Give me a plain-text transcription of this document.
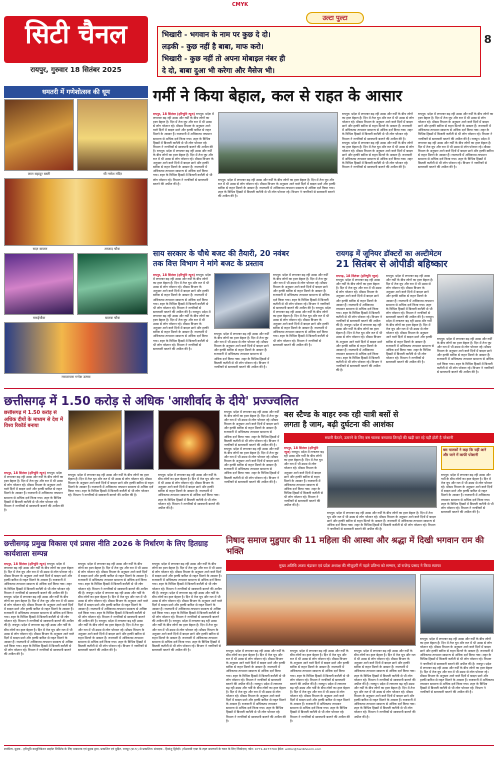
CMYK
सिटी चैनल
रायपुर, गुरुवार 18 सितंबर 2025
उल्टा पुल्टा
भिखारी - भगवान के नाम पर कुछ दे दो।
लड़की - कुछ नहीं है बाबा, माफ करो।
भिखारी - कुछ नहीं तो अपना मोबाइल नंबर ही
दे दो, बाबा दुआ भी करेगा और मैसेज भी।
8
धमतरी में गणेशोत्सव की धूम
लाल बहादुर बस्ती	श्री गणेश मंदिर
सदर बाजार	आजाद चौक
मकईचौक	बालक चौक
मराठापारा गणेश उत्सव
गर्मी ने किया बेहाल, कल से राहत के आसार
रायपुर, 18 सितंबर (हरिभूमि न्यूज) रायपुर। प्रदेश में लगातार बढ़ रही उमस और गर्मी के बीच लोगों का हाल बेहाल है। दिन में तेज धूप और रात में भी उमस से लोग परेशान रहे। मौसम विभाग के अनुसार आने वाले दिनों में बादल छाने और हल्की बारिश से राहत मिलने के आसार हैं। राजधानी में अधिकतम तापमान सामान्य से अधिक दर्ज किया गया। शहर के विभिन्न हिस्सों में बिजली कटौती से भी लोग परेशान रहे। विभाग ने नागरिकों से सावधानी बरतने की अपील की है। रायपुर। प्रदेश में लगातार बढ़ रही उमस और गर्मी के बीच लोगों का हाल बेहाल है। दिन में तेज धूप और रात में भी उमस से लोग परेशान रहे। मौसम विभाग के अनुसार आने वाले दिनों में बादल छाने और हल्की बारिश से राहत मिलने के आसार हैं। राजधानी में अधिकतम तापमान सामान्य से अधिक दर्ज किया गया। शहर के विभिन्न हिस्सों में बिजली कटौती से भी लोग परेशान रहे। विभाग ने नागरिकों से सावधानी बरतने की अपील की है।
रायपुर। प्रदेश में लगातार बढ़ रही उमस और गर्मी के बीच लोगों का हाल बेहाल है। दिन में तेज धूप और रात में भी उमस से लोग परेशान रहे। मौसम विभाग के अनुसार आने वाले दिनों में बादल छाने और हल्की बारिश से राहत मिलने के आसार हैं। राजधानी में अधिकतम तापमान सामान्य से अधिक दर्ज किया गया। शहर के विभिन्न हिस्सों में बिजली कटौती से भी लोग परेशान रहे। विभाग ने नागरिकों से सावधानी बरतने की अपील की है।
रायपुर। प्रदेश में लगातार बढ़ रही उमस और गर्मी के बीच लोगों का हाल बेहाल है। दिन में तेज धूप और रात में भी उमस से लोग परेशान रहे। मौसम विभाग के अनुसार आने वाले दिनों में बादल छाने और हल्की बारिश से राहत मिलने के आसार हैं। राजधानी में अधिकतम तापमान सामान्य से अधिक दर्ज किया गया। शहर के विभिन्न हिस्सों में बिजली कटौती से भी लोग परेशान रहे। विभाग ने नागरिकों से सावधानी बरतने की अपील की है। रायपुर। प्रदेश में लगातार बढ़ रही उमस और गर्मी के बीच लोगों का हाल बेहाल है। दिन में तेज धूप और रात में भी उमस से लोग परेशान रहे। मौसम विभाग के अनुसार आने वाले दिनों में बादल छाने और हल्की बारिश से राहत मिलने के आसार हैं। राजधानी में अधिकतम तापमान सामान्य से अधिक दर्ज किया गया। शहर के विभिन्न हिस्सों में बिजली कटौती से भी लोग परेशान रहे। विभाग ने नागरिकों से सावधानी बरतने की अपील की है।
रायपुर। प्रदेश में लगातार बढ़ रही उमस और गर्मी के बीच लोगों का हाल बेहाल है। दिन में तेज धूप और रात में भी उमस से लोग परेशान रहे। मौसम विभाग के अनुसार आने वाले दिनों में बादल छाने और हल्की बारिश से राहत मिलने के आसार हैं। राजधानी में अधिकतम तापमान सामान्य से अधिक दर्ज किया गया। शहर के विभिन्न हिस्सों में बिजली कटौती से भी लोग परेशान रहे। विभाग ने नागरिकों से सावधानी बरतने की अपील की है। रायपुर। प्रदेश में लगातार बढ़ रही उमस और गर्मी के बीच लोगों का हाल बेहाल है। दिन में तेज धूप और रात में भी उमस से लोग परेशान रहे। मौसम विभाग के अनुसार आने वाले दिनों में बादल छाने और हल्की बारिश से राहत मिलने के आसार हैं। राजधानी में अधिकतम तापमान सामान्य से अधिक दर्ज किया गया। शहर के विभिन्न हिस्सों में बिजली कटौती से भी लोग परेशान रहे। विभाग ने नागरिकों से सावधानी बरतने की अपील की है।
साय सरकार के चौथे बजट की तैयारी, 20 नवंबर
तक वित्त विभाग ने मांगे बजट के प्रस्ताव
रायपुर, 18 सितंबर (हरिभूमि न्यूज) रायपुर। प्रदेश में लगातार बढ़ रही उमस और गर्मी के बीच लोगों का हाल बेहाल है। दिन में तेज धूप और रात में भी उमस से लोग परेशान रहे। मौसम विभाग के अनुसार आने वाले दिनों में बादल छाने और हल्की बारिश से राहत मिलने के आसार हैं। राजधानी में अधिकतम तापमान सामान्य से अधिक दर्ज किया गया। शहर के विभिन्न हिस्सों में बिजली कटौती से भी लोग परेशान रहे। विभाग ने नागरिकों से सावधानी बरतने की अपील की है। रायपुर। प्रदेश में लगातार बढ़ रही उमस और गर्मी के बीच लोगों का हाल बेहाल है। दिन में तेज धूप और रात में भी उमस से लोग परेशान रहे। मौसम विभाग के अनुसार आने वाले दिनों में बादल छाने और हल्की बारिश से राहत मिलने के आसार हैं। राजधानी में अधिकतम तापमान सामान्य से अधिक दर्ज किया गया। शहर के विभिन्न हिस्सों में बिजली कटौती से भी लोग परेशान रहे। विभाग ने नागरिकों से सावधानी बरतने की अपील की है।
रायपुर। प्रदेश में लगातार बढ़ रही उमस और गर्मी के बीच लोगों का हाल बेहाल है। दिन में तेज धूप और रात में भी उमस से लोग परेशान रहे। मौसम विभाग के अनुसार आने वाले दिनों में बादल छाने और हल्की बारिश से राहत मिलने के आसार हैं। राजधानी में अधिकतम तापमान सामान्य से अधिक दर्ज किया गया। शहर के विभिन्न हिस्सों में बिजली कटौती से भी लोग परेशान रहे। विभाग ने नागरिकों से सावधानी बरतने की अपील की है।
रायपुर। प्रदेश में लगातार बढ़ रही उमस और गर्मी के बीच लोगों का हाल बेहाल है। दिन में तेज धूप और रात में भी उमस से लोग परेशान रहे। मौसम विभाग के अनुसार आने वाले दिनों में बादल छाने और हल्की बारिश से राहत मिलने के आसार हैं। राजधानी में अधिकतम तापमान सामान्य से अधिक दर्ज किया गया। शहर के विभिन्न हिस्सों में बिजली कटौती से भी लोग परेशान रहे। विभाग ने नागरिकों से सावधानी बरतने की अपील की है। रायपुर। प्रदेश में लगातार बढ़ रही उमस और गर्मी के बीच लोगों का हाल बेहाल है। दिन में तेज धूप और रात में भी उमस से लोग परेशान रहे। मौसम विभाग के अनुसार आने वाले दिनों में बादल छाने और हल्की बारिश से राहत मिलने के आसार हैं। राजधानी में अधिकतम तापमान सामान्य से अधिक दर्ज किया गया। शहर के विभिन्न हिस्सों में बिजली कटौती से भी लोग परेशान रहे। विभाग ने नागरिकों से सावधानी बरतने की अपील की है।
रायगढ़ में जूनियर डॉक्टरों का अल्टीमेटम
21 सितंबर से ओपीडी बहिष्कार
रायगढ़, 18 सितंबर (हरिभूमि न्यूज) रायपुर। प्रदेश में लगातार बढ़ रही उमस और गर्मी के बीच लोगों का हाल बेहाल है। दिन में तेज धूप और रात में भी उमस से लोग परेशान रहे। मौसम विभाग के अनुसार आने वाले दिनों में बादल छाने और हल्की बारिश से राहत मिलने के आसार हैं। राजधानी में अधिकतम तापमान सामान्य से अधिक दर्ज किया गया। शहर के विभिन्न हिस्सों में बिजली कटौती से भी लोग परेशान रहे। विभाग ने नागरिकों से सावधानी बरतने की अपील की है। रायपुर। प्रदेश में लगातार बढ़ रही उमस और गर्मी के बीच लोगों का हाल बेहाल है। दिन में तेज धूप और रात में भी उमस से लोग परेशान रहे। मौसम विभाग के अनुसार आने वाले दिनों में बादल छाने और हल्की बारिश से राहत मिलने के आसार हैं। राजधानी में अधिकतम तापमान सामान्य से अधिक दर्ज किया गया। शहर के विभिन्न हिस्सों में बिजली कटौती से भी लोग परेशान रहे। विभाग ने नागरिकों से सावधानी बरतने की अपील की है।
रायपुर। प्रदेश में लगातार बढ़ रही उमस और गर्मी के बीच लोगों का हाल बेहाल है। दिन में तेज धूप और रात में भी उमस से लोग परेशान रहे। मौसम विभाग के अनुसार आने वाले दिनों में बादल छाने और हल्की बारिश से राहत मिलने के आसार हैं। राजधानी में अधिकतम तापमान सामान्य से अधिक दर्ज किया गया। शहर के विभिन्न हिस्सों में बिजली कटौती से भी लोग परेशान रहे। विभाग ने नागरिकों से सावधानी बरतने की अपील की है। रायपुर। प्रदेश में लगातार बढ़ रही उमस और गर्मी के बीच लोगों का हाल बेहाल है। दिन में तेज धूप और रात में भी उमस से लोग परेशान रहे। मौसम विभाग के अनुसार आने वाले दिनों में बादल छाने और हल्की बारिश से राहत मिलने के आसार हैं। राजधानी में अधिकतम तापमान सामान्य से अधिक दर्ज किया गया। शहर के विभिन्न हिस्सों में बिजली कटौती से भी लोग परेशान रहे। विभाग ने नागरिकों से सावधानी बरतने की अपील की है।
रायपुर। प्रदेश में लगातार बढ़ रही उमस और गर्मी के बीच लोगों का हाल बेहाल है। दिन में तेज धूप और रात में भी उमस से लोग परेशान रहे। मौसम विभाग के अनुसार आने वाले दिनों में बादल छाने और हल्की बारिश से राहत मिलने के आसार हैं। राजधानी में अधिकतम तापमान सामान्य से अधिक दर्ज किया गया। शहर के विभिन्न हिस्सों में बिजली कटौती से भी लोग परेशान रहे। विभाग ने नागरिकों से सावधानी बरतने की अपील की है।
छत्तीसगढ़ में 1.50 करोड़ से अधिक 'आशीर्वाद के दीये' प्रज्ज्वलित
छत्तीसगढ़ में 1.50 करोड़ से अधिक दीयों के माध्यम से देश में विश्व रिकॉर्ड बनाया
रायपुर, 18 सितंबर (हरिभूमि न्यूज) रायपुर। प्रदेश में लगातार बढ़ रही उमस और गर्मी के बीच लोगों का हाल बेहाल है। दिन में तेज धूप और रात में भी उमस से लोग परेशान रहे। मौसम विभाग के अनुसार आने वाले दिनों में बादल छाने और हल्की बारिश से राहत मिलने के आसार हैं। राजधानी में अधिकतम तापमान सामान्य से अधिक दर्ज किया गया। शहर के विभिन्न हिस्सों में बिजली कटौती से भी लोग परेशान रहे। विभाग ने नागरिकों से सावधानी बरतने की अपील की है।
रायपुर। प्रदेश में लगातार बढ़ रही उमस और गर्मी के बीच लोगों का हाल बेहाल है। दिन में तेज धूप और रात में भी उमस से लोग परेशान रहे। मौसम विभाग के अनुसार आने वाले दिनों में बादल छाने और हल्की बारिश से राहत मिलने के आसार हैं। राजधानी में अधिकतम तापमान सामान्य से अधिक दर्ज किया गया। शहर के विभिन्न हिस्सों में बिजली कटौती से भी लोग परेशान रहे। विभाग ने नागरिकों से सावधानी बरतने की अपील की है।
रायपुर। प्रदेश में लगातार बढ़ रही उमस और गर्मी के बीच लोगों का हाल बेहाल है। दिन में तेज धूप और रात में भी उमस से लोग परेशान रहे। मौसम विभाग के अनुसार आने वाले दिनों में बादल छाने और हल्की बारिश से राहत मिलने के आसार हैं। राजधानी में अधिकतम तापमान सामान्य से अधिक दर्ज किया गया। शहर के विभिन्न हिस्सों में बिजली कटौती से भी लोग परेशान रहे। विभाग ने नागरिकों से सावधानी बरतने की अपील की है।
रायपुर। प्रदेश में लगातार बढ़ रही उमस और गर्मी के बीच लोगों का हाल बेहाल है। दिन में तेज धूप और रात में भी उमस से लोग परेशान रहे। मौसम विभाग के अनुसार आने वाले दिनों में बादल छाने और हल्की बारिश से राहत मिलने के आसार हैं। राजधानी में अधिकतम तापमान सामान्य से अधिक दर्ज किया गया। शहर के विभिन्न हिस्सों में बिजली कटौती से भी लोग परेशान रहे। विभाग ने नागरिकों से सावधानी बरतने की अपील की है। रायपुर। प्रदेश में लगातार बढ़ रही उमस और गर्मी के बीच लोगों का हाल बेहाल है। दिन में तेज धूप और रात में भी उमस से लोग परेशान रहे। मौसम विभाग के अनुसार आने वाले दिनों में बादल छाने और हल्की बारिश से राहत मिलने के आसार हैं। राजधानी में अधिकतम तापमान सामान्य से अधिक दर्ज किया गया। शहर के विभिन्न हिस्सों में बिजली कटौती से भी लोग परेशान रहे। विभाग ने नागरिकों से सावधानी बरतने की अपील की है।
बस स्टैण्ड के बाहर रुक रही यात्री बसों से
लगता है जाम, बढ़ी दुर्घटना की आशंका
सवारी बैठाने, उतारने के लिए बस चालक बनवाया तिराहों की खड़ी कर रहे यहीं होती है परेशानी
रायपुर, 18 सितंबर (हरिभूमि न्यूज) रायपुर। प्रदेश में लगातार बढ़ रही उमस और गर्मी के बीच लोगों का हाल बेहाल है। दिन में तेज धूप और रात में भी उमस से लोग परेशान रहे। मौसम विभाग के अनुसार आने वाले दिनों में बादल छाने और हल्की बारिश से राहत मिलने के आसार हैं। राजधानी में अधिकतम तापमान सामान्य से अधिक दर्ज किया गया। शहर के विभिन्न हिस्सों में बिजली कटौती से भी लोग परेशान रहे। विभाग ने नागरिकों से सावधानी बरतने की अपील की है।
रायपुर। प्रदेश में लगातार बढ़ रही उमस और गर्मी के बीच लोगों का हाल बेहाल है। दिन में तेज धूप और रात में भी उमस से लोग परेशान रहे। मौसम विभाग के अनुसार आने वाले दिनों में बादल छाने और हल्की बारिश से राहत मिलने के आसार हैं। राजधानी में अधिकतम तापमान सामान्य से अधिक दर्ज किया गया। शहर के विभिन्न हिस्सों में बिजली कटौती से भी लोग परेशान रहे। विभाग ने नागरिकों से सावधानी बरतने की अपील की है।
बस चालकों ने कहा कि यहीं आने और जाने में काफी परेशानी
रायपुर। प्रदेश में लगातार बढ़ रही उमस और गर्मी के बीच लोगों का हाल बेहाल है। दिन में तेज धूप और रात में भी उमस से लोग परेशान रहे। मौसम विभाग के अनुसार आने वाले दिनों में बादल छाने और हल्की बारिश से राहत मिलने के आसार हैं। राजधानी में अधिकतम तापमान सामान्य से अधिक दर्ज किया गया। शहर के विभिन्न हिस्सों में बिजली कटौती से भी लोग परेशान रहे। विभाग ने नागरिकों से सावधानी बरतने की अपील की है।
छत्तीसगढ़ प्रमुख विकास एवं प्रवास नीति 2026 के निर्धारण के लिए हितग्राह कार्यशाला सम्पन्न
रायपुर, 18 सितंबर (हरिभूमि न्यूज) रायपुर। प्रदेश में लगातार बढ़ रही उमस और गर्मी के बीच लोगों का हाल बेहाल है। दिन में तेज धूप और रात में भी उमस से लोग परेशान रहे। मौसम विभाग के अनुसार आने वाले दिनों में बादल छाने और हल्की बारिश से राहत मिलने के आसार हैं। राजधानी में अधिकतम तापमान सामान्य से अधिक दर्ज किया गया। शहर के विभिन्न हिस्सों में बिजली कटौती से भी लोग परेशान रहे। विभाग ने नागरिकों से सावधानी बरतने की अपील की है। रायपुर। प्रदेश में लगातार बढ़ रही उमस और गर्मी के बीच लोगों का हाल बेहाल है। दिन में तेज धूप और रात में भी उमस से लोग परेशान रहे। मौसम विभाग के अनुसार आने वाले दिनों में बादल छाने और हल्की बारिश से राहत मिलने के आसार हैं। राजधानी में अधिकतम तापमान सामान्य से अधिक दर्ज किया गया। शहर के विभिन्न हिस्सों में बिजली कटौती से भी लोग परेशान रहे। विभाग ने नागरिकों से सावधानी बरतने की अपील की है। रायपुर। प्रदेश में लगातार बढ़ रही उमस और गर्मी के बीच लोगों का हाल बेहाल है। दिन में तेज धूप और रात में भी उमस से लोग परेशान रहे। मौसम विभाग के अनुसार आने वाले दिनों में बादल छाने और हल्की बारिश से राहत मिलने के आसार हैं। राजधानी में अधिकतम तापमान सामान्य से अधिक दर्ज किया गया। शहर के विभिन्न हिस्सों में बिजली कटौती से भी लोग परेशान रहे। विभाग ने नागरिकों से सावधानी बरतने की अपील की है।
रायपुर। प्रदेश में लगातार बढ़ रही उमस और गर्मी के बीच लोगों का हाल बेहाल है। दिन में तेज धूप और रात में भी उमस से लोग परेशान रहे। मौसम विभाग के अनुसार आने वाले दिनों में बादल छाने और हल्की बारिश से राहत मिलने के आसार हैं। राजधानी में अधिकतम तापमान सामान्य से अधिक दर्ज किया गया। शहर के विभिन्न हिस्सों में बिजली कटौती से भी लोग परेशान रहे। विभाग ने नागरिकों से सावधानी बरतने की अपील की है। रायपुर। प्रदेश में लगातार बढ़ रही उमस और गर्मी के बीच लोगों का हाल बेहाल है। दिन में तेज धूप और रात में भी उमस से लोग परेशान रहे। मौसम विभाग के अनुसार आने वाले दिनों में बादल छाने और हल्की बारिश से राहत मिलने के आसार हैं। राजधानी में अधिकतम तापमान सामान्य से अधिक दर्ज किया गया। शहर के विभिन्न हिस्सों में बिजली कटौती से भी लोग परेशान रहे। विभाग ने नागरिकों से सावधानी बरतने की अपील की है। रायपुर। प्रदेश में लगातार बढ़ रही उमस और गर्मी के बीच लोगों का हाल बेहाल है। दिन में तेज धूप और रात में भी उमस से लोग परेशान रहे। मौसम विभाग के अनुसार आने वाले दिनों में बादल छाने और हल्की बारिश से राहत मिलने के आसार हैं। राजधानी में अधिकतम तापमान सामान्य से अधिक दर्ज किया गया। शहर के विभिन्न हिस्सों में बिजली कटौती से भी लोग परेशान रहे। विभाग ने नागरिकों से सावधानी बरतने की अपील की है।
रायपुर। प्रदेश में लगातार बढ़ रही उमस और गर्मी के बीच लोगों का हाल बेहाल है। दिन में तेज धूप और रात में भी उमस से लोग परेशान रहे। मौसम विभाग के अनुसार आने वाले दिनों में बादल छाने और हल्की बारिश से राहत मिलने के आसार हैं। राजधानी में अधिकतम तापमान सामान्य से अधिक दर्ज किया गया। शहर के विभिन्न हिस्सों में बिजली कटौती से भी लोग परेशान रहे। विभाग ने नागरिकों से सावधानी बरतने की अपील की है। रायपुर। प्रदेश में लगातार बढ़ रही उमस और गर्मी के बीच लोगों का हाल बेहाल है। दिन में तेज धूप और रात में भी उमस से लोग परेशान रहे। मौसम विभाग के अनुसार आने वाले दिनों में बादल छाने और हल्की बारिश से राहत मिलने के आसार हैं। राजधानी में अधिकतम तापमान सामान्य से अधिक दर्ज किया गया। शहर के विभिन्न हिस्सों में बिजली कटौती से भी लोग परेशान रहे। विभाग ने नागरिकों से सावधानी बरतने की अपील की है। रायपुर। प्रदेश में लगातार बढ़ रही उमस और गर्मी के बीच लोगों का हाल बेहाल है। दिन में तेज धूप और रात में भी उमस से लोग परेशान रहे। मौसम विभाग के अनुसार आने वाले दिनों में बादल छाने और हल्की बारिश से राहत मिलने के आसार हैं। राजधानी में अधिकतम तापमान सामान्य से अधिक दर्ज किया गया। शहर के विभिन्न हिस्सों में बिजली कटौती से भी लोग परेशान रहे। विभाग ने नागरिकों से सावधानी बरतने की अपील की है।
निषाद समाज मुडुपार की 11 महिला की आस्था और श्रद्धा में दिखी भगवान राम की भक्ति
मुख्य अतिथि अजय चंद्राकर एवं प्रदेश अध्यक्ष की मौजूदगी में पहले प्रतिभा को सम्मान, डॉ राजेन्द्र प्रसाद ने किया स्वागत
रायपुर। प्रदेश में लगातार बढ़ रही उमस और गर्मी के बीच लोगों का हाल बेहाल है। दिन में तेज धूप और रात में भी उमस से लोग परेशान रहे। मौसम विभाग के अनुसार आने वाले दिनों में बादल छाने और हल्की बारिश से राहत मिलने के आसार हैं। राजधानी में अधिकतम तापमान सामान्य से अधिक दर्ज किया गया। शहर के विभिन्न हिस्सों में बिजली कटौती से भी लोग परेशान रहे। विभाग ने नागरिकों से सावधानी बरतने की अपील की है। रायपुर। प्रदेश में लगातार बढ़ रही उमस और गर्मी के बीच लोगों का हाल बेहाल है। दिन में तेज धूप और रात में भी उमस से लोग परेशान रहे। मौसम विभाग के अनुसार आने वाले दिनों में बादल छाने और हल्की बारिश से राहत मिलने के आसार हैं। राजधानी में अधिकतम तापमान सामान्य से अधिक दर्ज किया गया। शहर के विभिन्न हिस्सों में बिजली कटौती से भी लोग परेशान रहे। विभाग ने नागरिकों से सावधानी बरतने की अपील की है।
रायपुर। प्रदेश में लगातार बढ़ रही उमस और गर्मी के बीच लोगों का हाल बेहाल है। दिन में तेज धूप और रात में भी उमस से लोग परेशान रहे। मौसम विभाग के अनुसार आने वाले दिनों में बादल छाने और हल्की बारिश से राहत मिलने के आसार हैं। राजधानी में अधिकतम तापमान सामान्य से अधिक दर्ज किया गया। शहर के विभिन्न हिस्सों में बिजली कटौती से भी लोग परेशान रहे। विभाग ने नागरिकों से सावधानी बरतने की अपील की है। रायपुर। प्रदेश में लगातार बढ़ रही उमस और गर्मी के बीच लोगों का हाल बेहाल है। दिन में तेज धूप और रात में भी उमस से लोग परेशान रहे। मौसम विभाग के अनुसार आने वाले दिनों में बादल छाने और हल्की बारिश से राहत मिलने के आसार हैं। राजधानी में अधिकतम तापमान सामान्य से अधिक दर्ज किया गया। शहर के विभिन्न हिस्सों में बिजली कटौती से भी लोग परेशान रहे। विभाग ने नागरिकों से सावधानी बरतने की अपील की है।
रायपुर। प्रदेश में लगातार बढ़ रही उमस और गर्मी के बीच लोगों का हाल बेहाल है। दिन में तेज धूप और रात में भी उमस से लोग परेशान रहे। मौसम विभाग के अनुसार आने वाले दिनों में बादल छाने और हल्की बारिश से राहत मिलने के आसार हैं। राजधानी में अधिकतम तापमान सामान्य से अधिक दर्ज किया गया। शहर के विभिन्न हिस्सों में बिजली कटौती से भी लोग परेशान रहे। विभाग ने नागरिकों से सावधानी बरतने की अपील की है। रायपुर। प्रदेश में लगातार बढ़ रही उमस और गर्मी के बीच लोगों का हाल बेहाल है। दिन में तेज धूप और रात में भी उमस से लोग परेशान रहे। मौसम विभाग के अनुसार आने वाले दिनों में बादल छाने और हल्की बारिश से राहत मिलने के आसार हैं। राजधानी में अधिकतम तापमान सामान्य से अधिक दर्ज किया गया। शहर के विभिन्न हिस्सों में बिजली कटौती से भी लोग परेशान रहे। विभाग ने नागरिकों से सावधानी बरतने की अपील की है।
रायपुर। प्रदेश में लगातार बढ़ रही उमस और गर्मी के बीच लोगों का हाल बेहाल है। दिन में तेज धूप और रात में भी उमस से लोग परेशान रहे। मौसम विभाग के अनुसार आने वाले दिनों में बादल छाने और हल्की बारिश से राहत मिलने के आसार हैं। राजधानी में अधिकतम तापमान सामान्य से अधिक दर्ज किया गया। शहर के विभिन्न हिस्सों में बिजली कटौती से भी लोग परेशान रहे। विभाग ने नागरिकों से सावधानी बरतने की अपील की है। रायपुर। प्रदेश में लगातार बढ़ रही उमस और गर्मी के बीच लोगों का हाल बेहाल है। दिन में तेज धूप और रात में भी उमस से लोग परेशान रहे। मौसम विभाग के अनुसार आने वाले दिनों में बादल छाने और हल्की बारिश से राहत मिलने के आसार हैं। राजधानी में अधिकतम तापमान सामान्य से अधिक दर्ज किया गया। शहर के विभिन्न हिस्सों में बिजली कटौती से भी लोग परेशान रहे। विभाग ने नागरिकों से सावधानी बरतने की अपील की है।
स्वामित्व, मुद्रक - हरिभूमि कम्युनिकेशन प्राइवेट लिमिटेड के लिए प्रकाशक एवं मुद्रक द्वारा, प्रकाशित एवं मुद्रित, रायपुर (छ.ग.) से प्रकाशित। संपादक - हिमांशु द्विवेदी। (पीआरबी एक्ट के तहत समाचारों के चयन के लिए जिम्मेदार) फोन: 0771-4077700 ईमेल: editor@haribhoomi.com
